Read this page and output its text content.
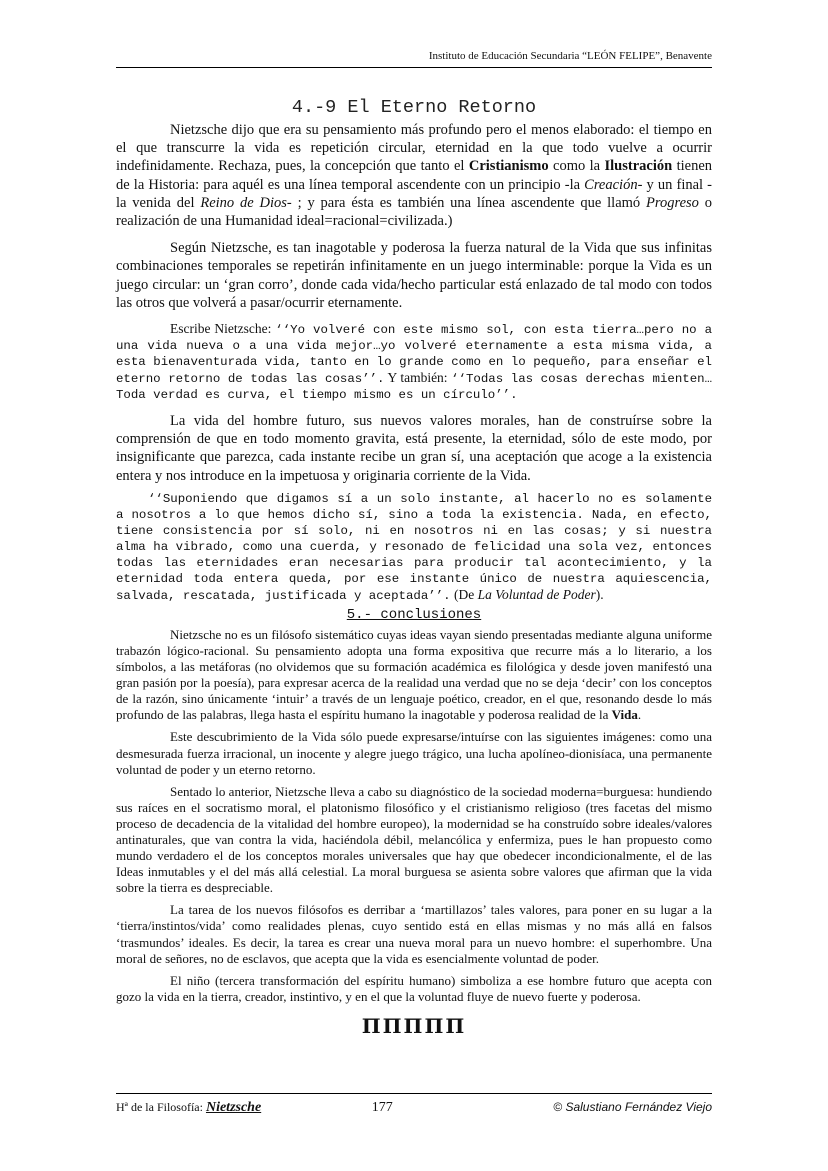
Instituto de Educación Secundaria “LEÓN FELIPE”, Benavente
4.-9 El Eterno Retorno

Nietzsche dijo que era su pensamiento más profundo pero el menos elaborado: el tiempo en el que transcurre la vida es repetición circular, eternidad en la que todo vuelve a ocurrir indefinidamente. Rechaza, pues, la concepción que tanto el Cristianismo como la Ilustración tienen de la Historia: para aquél es una línea temporal ascendente con un principio -la Creación- y un final -la venida del Reino de Dios- ; y para ésta es también una línea ascendente que llamó Progreso o realización de una Humanidad ideal=racional=civilizada.)

Según Nietzsche, es tan inagotable y poderosa la fuerza natural de la Vida que sus infinitas combinaciones temporales se repetirán infinitamente en un juego interminable: porque la Vida es un juego circular: un ‘gran corro’, donde cada vida/hecho particular está enlazado de tal modo con todos las otros que volverá a pasar/ocurrir eternamente.

Escribe Nietzsche: ‘‘Yo volveré con este mismo sol, con esta tierra…pero no a una vida nueva o a una vida mejor…yo volveré eternamente a esta misma vida, a esta bienaventurada vida, tanto en lo grande como en lo pequeño, para enseñar el eterno retorno de todas las cosas’’. Y también: ‘‘Todas las cosas derechas mienten…Toda verdad es curva, el tiempo mismo es un círculo’’.

La vida del hombre futuro, sus nuevos valores morales, han de construírse sobre la comprensión de que en todo momento gravita, está presente, la eternidad, sólo de este modo, por insignificante que parezca, cada instante recibe un gran sí, una aceptación que acoge a la existencia entera y nos introduce en la impetuosa y originaria corriente de la Vida.

‘‘Suponiendo que digamos sí a un solo instante, al hacerlo no es solamente a nosotros a lo que hemos dicho sí, sino a toda la existencia. Nada, en efecto, tiene consistencia por sí solo, ni en nosotros ni en las cosas; y si nuestra alma ha vibrado, como una cuerda, y resonado de felicidad una sola vez, entonces todas las eternidades eran necesarias para producir tal acontecimiento, y la eternidad toda entera queda, por ese instante único de nuestra aquiescencia, salvada, rescatada, justificada y aceptada’’. (De La Voluntad de Poder).

5.- conclusiones

Nietzsche no es un filósofo sistemático cuyas ideas vayan siendo presentadas mediante alguna uniforme trabazón lógico-racional. Su pensamiento adopta una forma expositiva que recurre más a lo literario, a los símbolos, a las metáforas (no olvidemos que su formación académica es filológica y desde joven manifestó una gran pasión por la poesía), para expresar acerca de la realidad una verdad que no se deja ‘decir’ con los conceptos de la razón, sino únicamente ‘intuir’ a través de un lenguaje poético, creador, en el que, resonando desde lo más profundo de las palabras, llega hasta el espíritu humano la inagotable y poderosa realidad de la Vida.

Este descubrimiento de la Vida sólo puede expresarse/intuírse con las siguientes imágenes: como una desmesurada fuerza irracional, un inocente y alegre juego trágico, una lucha apolíneo-dionisíaca, una permanente voluntad de poder y un eterno retorno.

Sentado lo anterior, Nietzsche lleva a cabo su diagnóstico de la sociedad moderna=burguesa: hundiendo sus raíces en el socratismo moral, el platonismo filosófico y el cristianismo religioso (tres facetas del mismo proceso de decadencia de la vitalidad del hombre europeo), la modernidad se ha construído sobre ideales/valores antinaturales, que van contra la vida, haciéndola débil, melancólica y enfermiza, pues le han propuesto como mundo verdadero el de los conceptos morales universales que hay que obedecer incondicionalmente, el de las Ideas inmutables y el del más allá celestial. La moral burguesa se asienta sobre valores que afirman que la vida sobre la tierra es despreciable.

La tarea de los nuevos filósofos es derribar a ‘martillazos’ tales valores, para poner en su lugar a la ‘tierra/instintos/vida’ como realidades plenas, cuyo sentido está en ellas mismas y no más allá en falsos ‘trasmundos’ ideales. Es decir, la tarea es crear una nueva moral para un nuevo hombre: el superhombre. Una moral de señores, no de esclavos, que acepta que la vida es esencialmente voluntad de poder.

El niño (tercera transformación del espíritu humano) simboliza a ese hombre futuro que acepta con gozo la vida en la tierra, creador, instintivo, y en el que la voluntad fluye de nuevo fuerte y poderosa.

ΠΠΠΠΠ
Hª de la Filosofía: Nietzsche	177	© Salustiano Fernández Viejo
